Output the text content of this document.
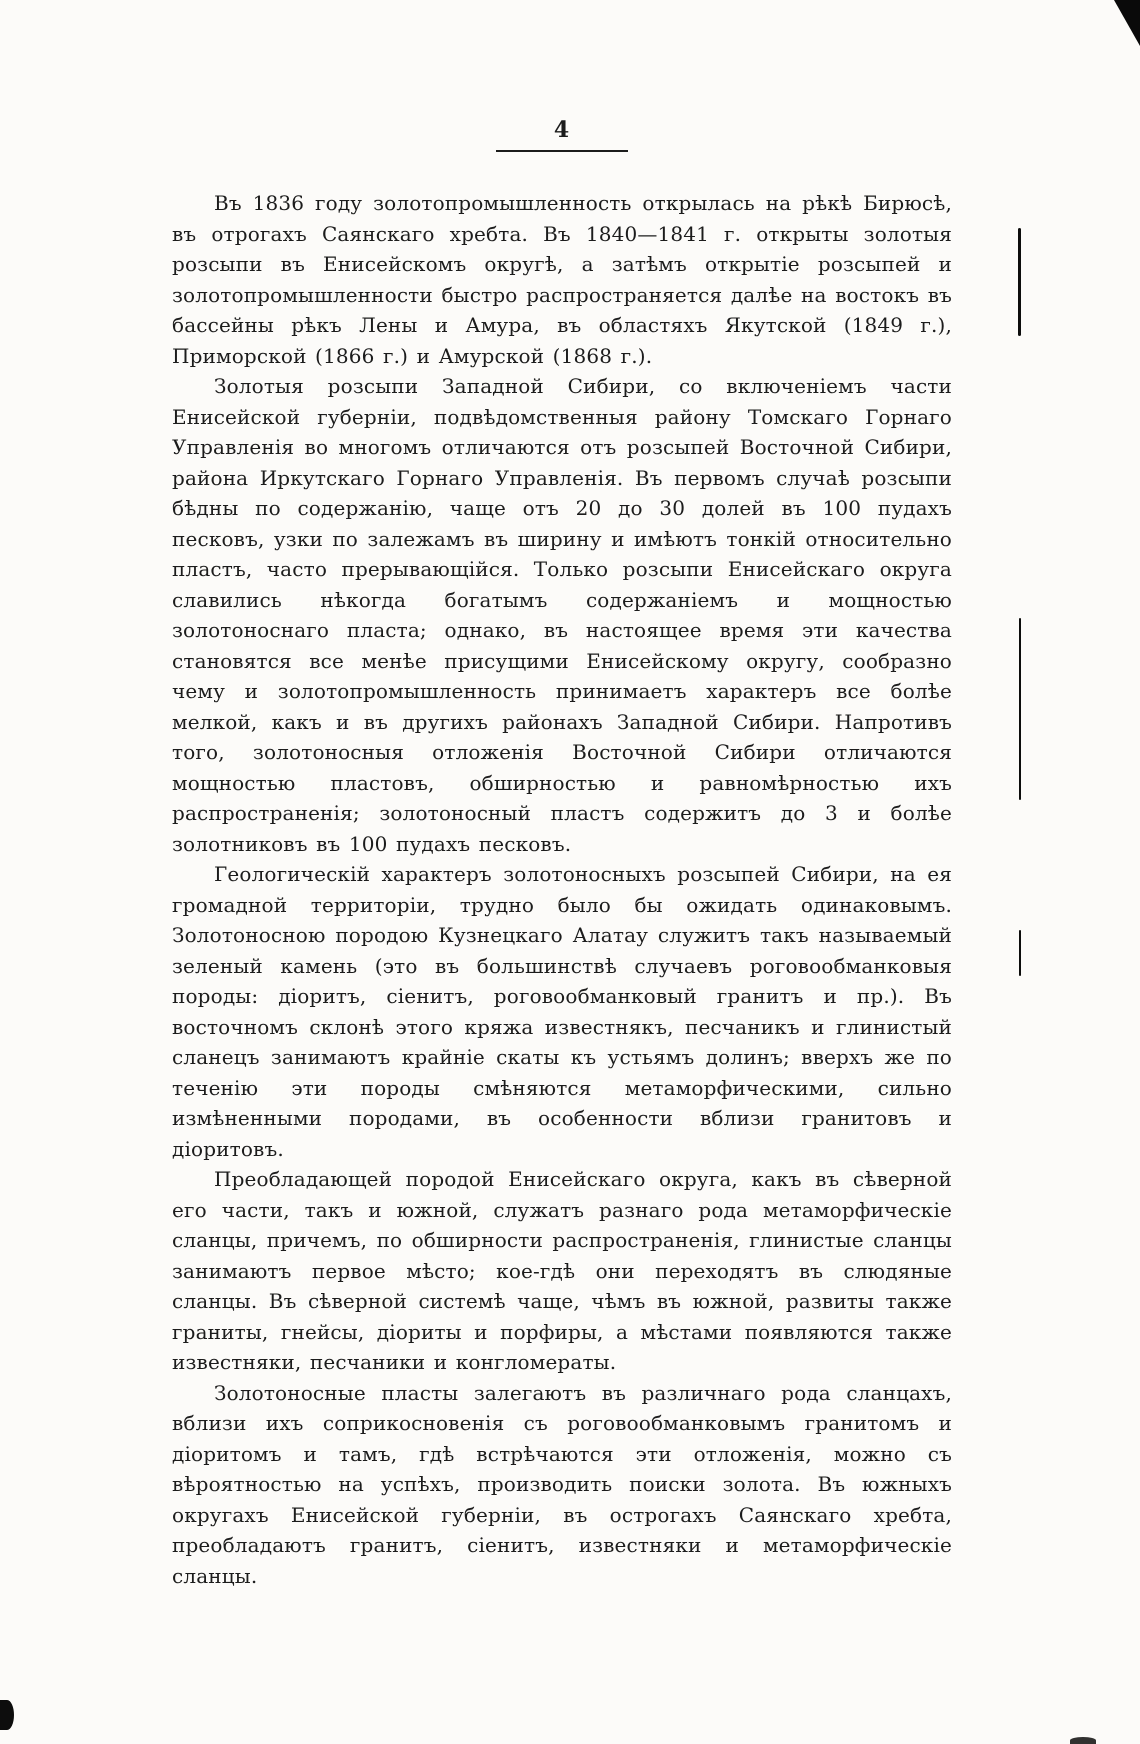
4

Въ 1836 году золотопромышленность открылась на рѣкѣ Бирюсѣ, въ отрогахъ Саянскаго хребта. Въ 1840—1841 г. открыты золотыя розсыпи въ Енисейскомъ округѣ, а затѣмъ открытіе розсыпей и золотопромышленности быстро распространяется далѣе на востокъ въ бассейны рѣкъ Лены и Амура, въ областяхъ Якутской (1849 г.), Приморской (1866 г.) и Амурской (1868 г.).

Золотыя розсыпи Западной Сибири, со включеніемъ части Енисейской губерніи, подвѣдомственныя району Томскаго Горнаго Управленія во многомъ отличаются отъ розсыпей Восточной Сибири, района Иркутскаго Горнаго Управленія. Въ первомъ случаѣ розсыпи бѣдны по содержанію, чаще отъ 20 до 30 долей въ 100 пудахъ песковъ, узки по залежамъ въ ширину и имѣютъ тонкій относительно пластъ, часто прерывающійся. Только розсыпи Енисейскаго округа славились нѣкогда богатымъ содержаніемъ и мощностью золотоноснаго пласта; однако, въ настоящее время эти качества становятся все менѣе присущими Енисейскому округу, сообразно чему и золотопромышленность принимаетъ характеръ все болѣе мелкой, какъ и въ другихъ районахъ Западной Сибири. Напротивъ того, золотоносныя отложенія Восточной Сибири отличаются мощностью пластовъ, обширностью и равномѣрностью ихъ распространенія; золотоносный пластъ содержитъ до 3 и болѣе золотниковъ въ 100 пудахъ песковъ.

Геологическій характеръ золотоносныхъ розсыпей Сибири, на ея громадной территоріи, трудно было бы ожидать одинаковымъ. Золотоносною породою Кузнецкаго Алатау служитъ такъ называемый зеленый камень (это въ большинствѣ случаевъ роговообманковыя породы: діоритъ, сіенитъ, роговообманковый гранитъ и пр.). Въ восточномъ склонѣ этого кряжа известнякъ, песчаникъ и глинистый сланецъ занимаютъ крайніе скаты къ устьямъ долинъ; вверхъ же по теченію эти породы смѣняются метаморфическими, сильно измѣненными породами, въ особенности вблизи гранитовъ и діоритовъ.

Преобладающей породой Енисейскаго округа, какъ въ сѣверной его части, такъ и южной, служатъ разнаго рода метаморфическіе сланцы, причемъ, по обширности распространенія, глинистые сланцы занимаютъ первое мѣсто; кое-гдѣ они переходятъ въ слюдяные сланцы. Въ сѣверной системѣ чаще, чѣмъ въ южной, развиты также граниты, гнейсы, діориты и порфиры, а мѣстами появляются также известняки, песчаники и конгломераты.

Золотоносные пласты залегаютъ въ различнаго рода сланцахъ, вблизи ихъ соприкосновенія съ роговообманковымъ гранитомъ и діоритомъ и тамъ, гдѣ встрѣчаются эти отложенія, можно съ вѣроятностью на успѣхъ, производить поиски золота. Въ южныхъ округахъ Енисейской губерніи, въ острогахъ Саянскаго хребта, преобладаютъ гранитъ, сіенитъ, известняки и метаморфическіе сланцы.
